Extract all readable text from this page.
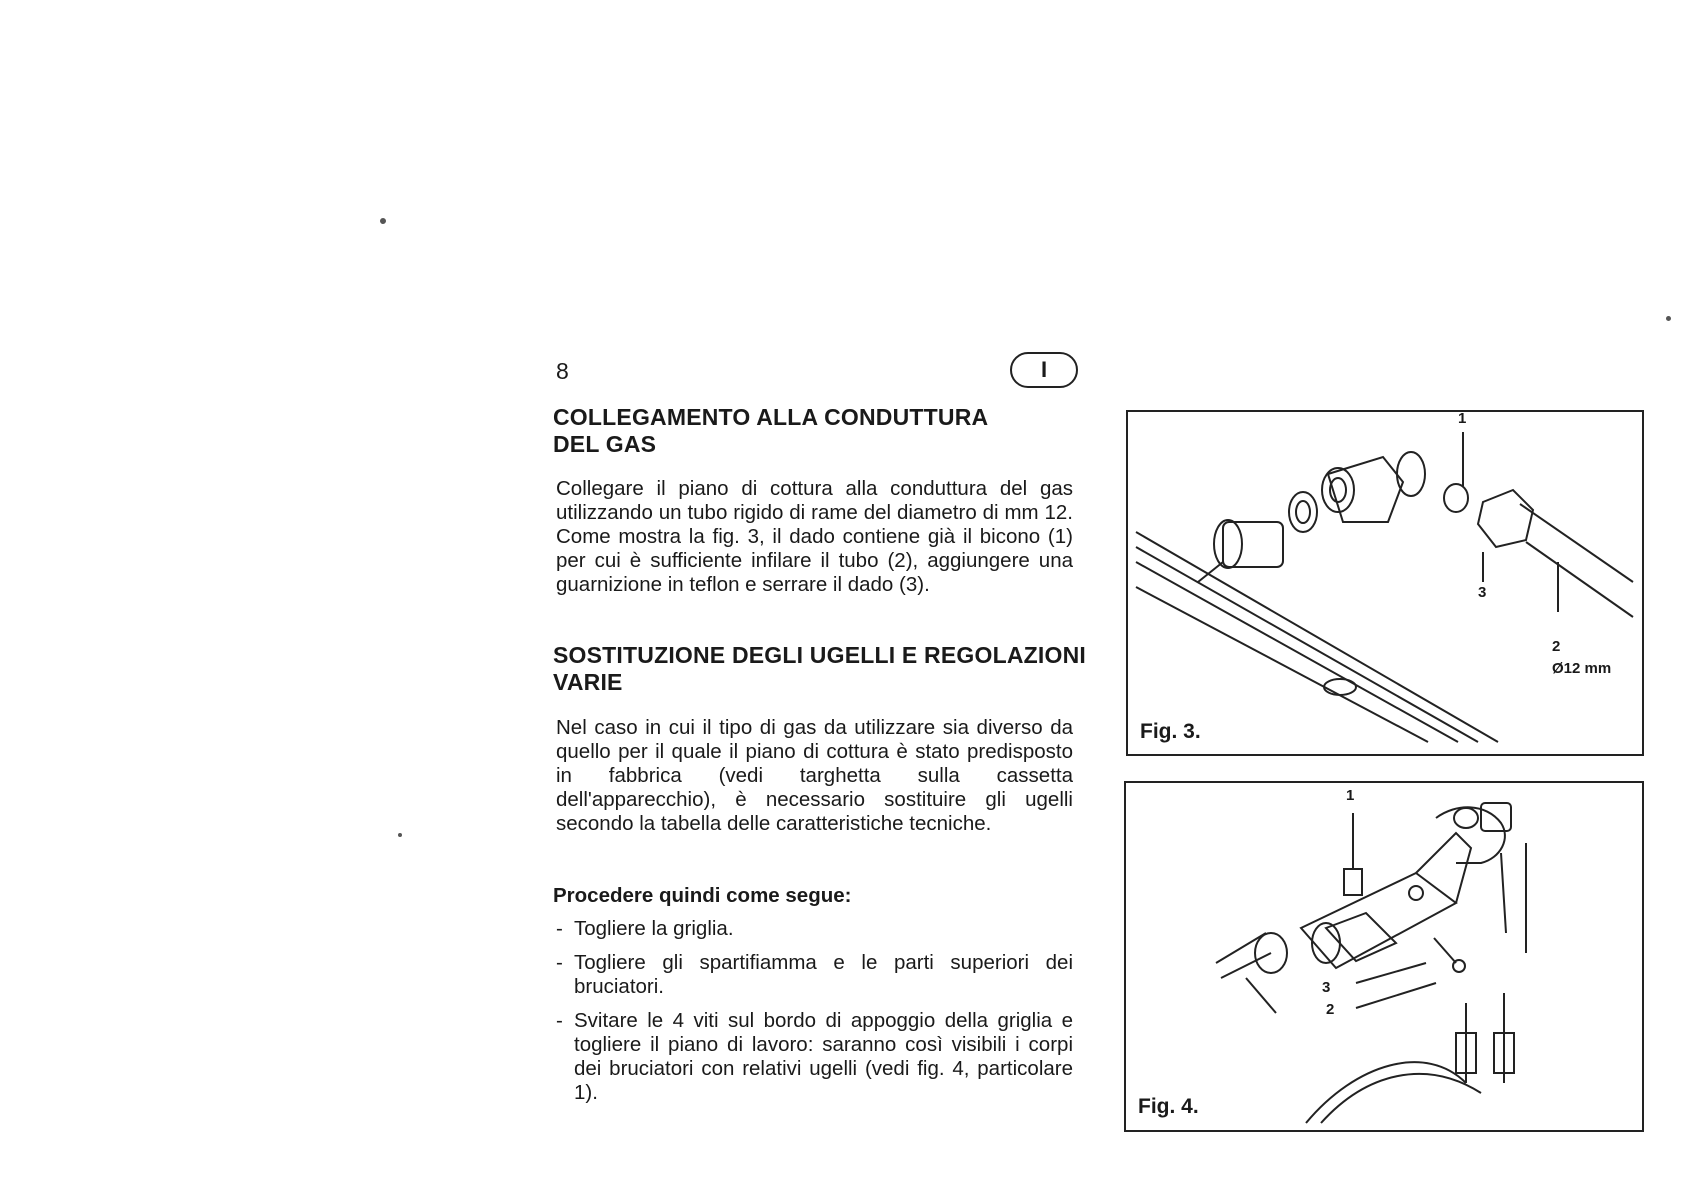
8	I
COLLEGAMENTO ALLA CONDUTTURA
DEL GAS
Collegare il piano di cottura alla conduttura del gas utilizzando un tubo rigido di rame del diametro di mm 12. Come mostra la fig. 3, il dado contiene già il bicono (1) per cui è sufficiente infilare il tubo (2), aggiungere una guarnizione in teflon e serrare il dado (3).
SOSTITUZIONE DEGLI UGELLI E REGOLAZIONI
VARIE
Nel caso in cui il tipo di gas da utilizzare sia diverso da quello per il quale il piano di cottura è stato predisposto in fabbrica (vedi targhetta sulla cassetta dell'apparecchio), è necessario sostituire gli ugelli secondo la tabella delle caratteristiche tecniche.
Procedere quindi come segue:
- Togliere la griglia.
- Togliere gli spartifiamma e le parti superiori dei bruciatori.
- Svitare le 4 viti sul bordo di appoggio della griglia e togliere il piano di lavoro: saranno così visibili i corpi dei bruciatori con relativi ugelli (vedi fig. 4, particolare 1).
1
3
2
Ø12 mm
Fig. 3.
1
3
2
Fig. 4.
